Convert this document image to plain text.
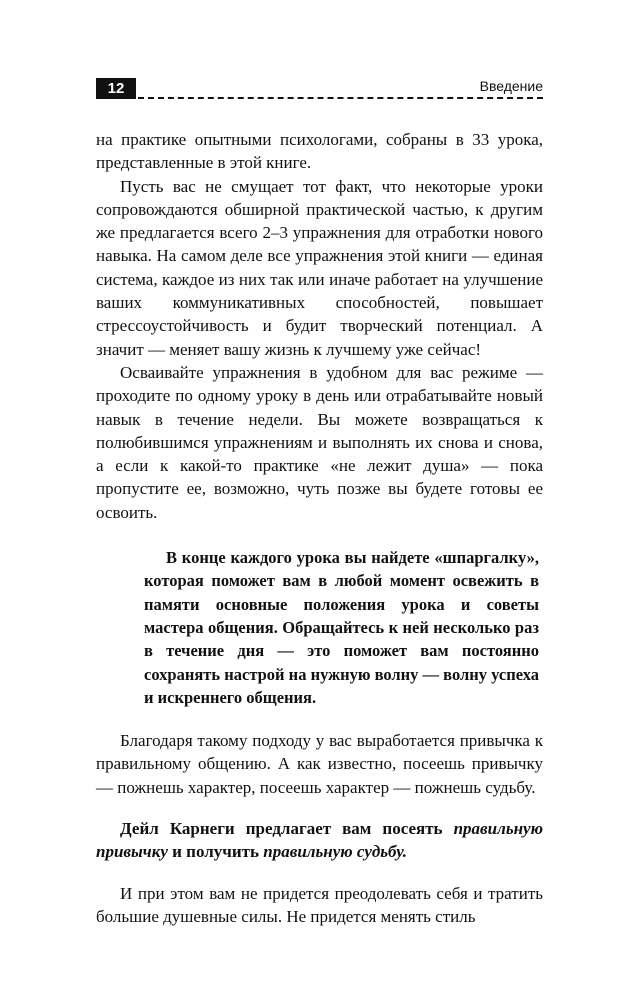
12	Введение

на практике опытными психологами, собраны в 33 урока, представленные в этой книге.

Пусть вас не смущает тот факт, что некоторые уроки сопровождаются обширной практической частью, к другим же предлагается всего 2–3 упражнения для отработки нового навыка. На самом деле все упражнения этой книги — единая система, каждое из них так или иначе работает на улучшение ваших коммуникативных способностей, повышает стрессоустойчивость и будит творческий потенциал. А значит — меняет вашу жизнь к лучшему уже сейчас!

Осваивайте упражнения в удобном для вас режиме — проходите по одному уроку в день или отрабатывайте новый навык в течение недели. Вы можете возвращаться к полюбившимся упражнениям и выполнять их снова и снова, а если к какой-то практике «не лежит душа» — пока пропустите ее, возможно, чуть позже вы будете готовы ее освоить.

В конце каждого урока вы найдете «шпаргалку», которая поможет вам в любой момент освежить в памяти основные положения урока и советы мастера общения. Обращайтесь к ней несколько раз в течение дня — это поможет вам постоянно сохранять настрой на нужную волну — волну успеха и искреннего общения.

Благодаря такому подходу у вас выработается привычка к правильному общению. А как известно, посеешь привычку — пожнешь характер, посеешь характер — пожнешь судьбу.

Дейл Карнеги предлагает вам посеять правильную привычку и получить правильную судьбу.

И при этом вам не придется преодолевать себя и тратить большие душевные силы. Не придется менять стиль
